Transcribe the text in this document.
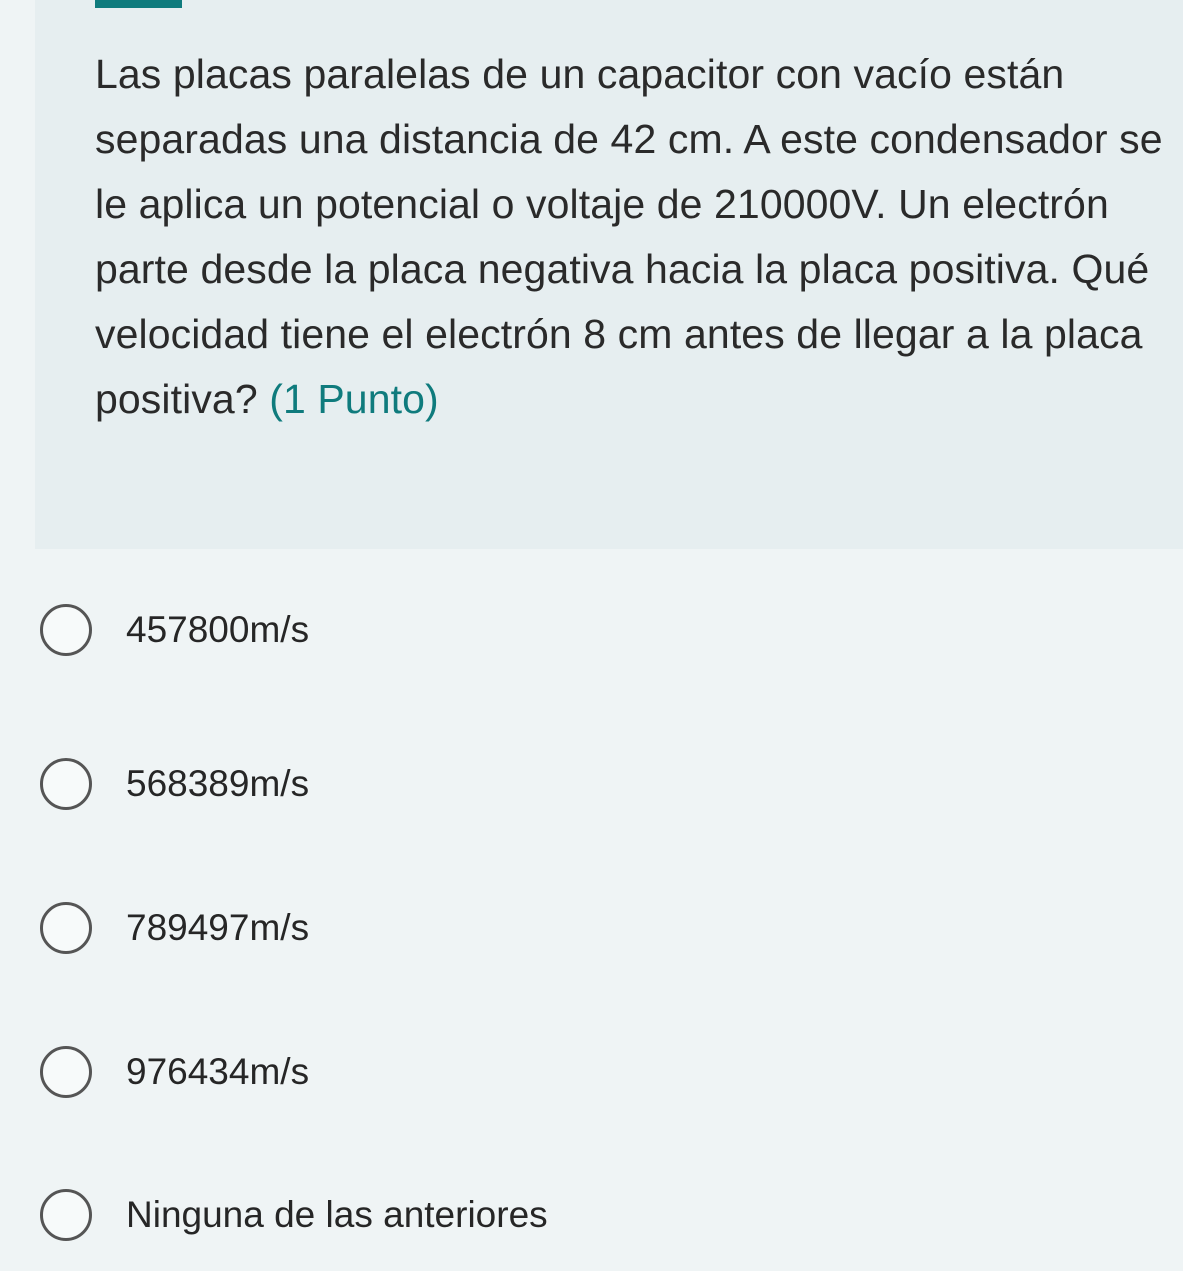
Las placas paralelas de un capacitor con vacío están separadas una distancia de 42 cm. A este condensador se le aplica un potencial o voltaje de 210000V. Un electrón parte desde la placa negativa hacia la placa positiva. Qué velocidad tiene el electrón 8 cm antes de llegar a la placa positiva? (1 Punto)

457800m/s
568389m/s
789497m/s
976434m/s
Ninguna de las anteriores
